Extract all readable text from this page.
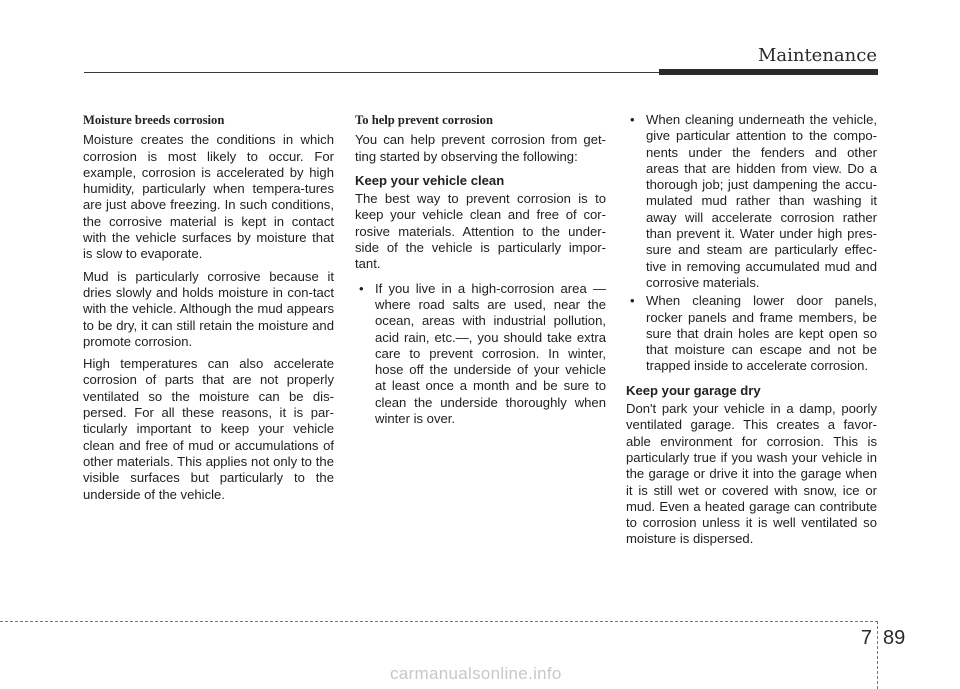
Maintenance
Moisture breeds corrosion

Moisture creates the conditions in which corrosion is most likely to occur. For example, corrosion is accelerated by high humidity, particularly when tempera-tures are just above freezing. In such conditions, the corrosive material is kept in contact with the vehicle surfaces by moisture that is slow to evaporate.

Mud is particularly corrosive because it dries slowly and holds moisture in con-tact with the vehicle. Although the mud appears to be dry, it can still retain the moisture and promote corrosion.

High temperatures can also accelerate corrosion of parts that are not properly ventilated so the moisture can be dis-persed. For all these reasons, it is par-ticularly important to keep your vehicle clean and free of mud or accumulations of other materials. This applies not only to the visible surfaces but particularly to the underside of the vehicle.

To help prevent corrosion

You can help prevent corrosion from get-ting started by observing the following:

Keep your vehicle clean

The best way to prevent corrosion is to keep your vehicle clean and free of cor-rosive materials. Attention to the under-side of the vehicle is particularly impor-tant.

• If you live in a high-corrosion area — where road salts are used, near the ocean, areas with industrial pollution, acid rain, etc.—, you should take extra care to prevent corrosion. In winter, hose off the underside of your vehicle at least once a month and be sure to clean the underside thoroughly when winter is over.
• When cleaning underneath the vehicle, give particular attention to the compo-nents under the fenders and other areas that are hidden from view. Do a thorough job; just dampening the accu-mulated mud rather than washing it away will accelerate corrosion rather than prevent it. Water under high pres-sure and steam are particularly effec-tive in removing accumulated mud and corrosive materials.
• When cleaning lower door panels, rocker panels and frame members, be sure that drain holes are kept open so that moisture can escape and not be trapped inside to accelerate corrosion.
Keep your garage dry

Don't park your vehicle in a damp, poorly ventilated garage. This creates a favor-able environment for corrosion. This is particularly true if you wash your vehicle in the garage or drive it into the garage when it is still wet or covered with snow, ice or mud. Even a heated garage can contribute to corrosion unless it is well ventilated so moisture is dispersed.

7 89
carmanualsonline.info
